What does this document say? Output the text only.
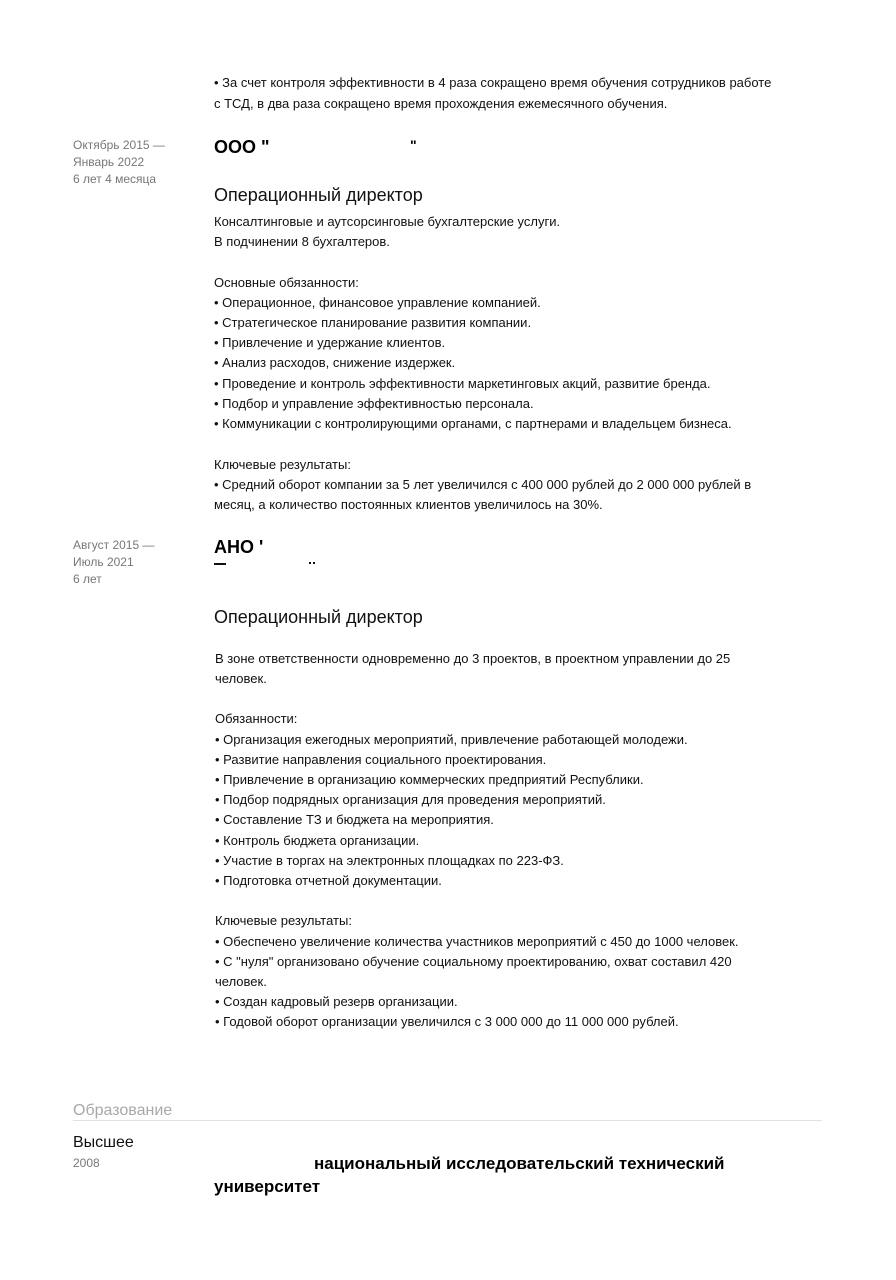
• За счет контроля эффективности в 4 раза сокращено время обучения сотрудников работе
с ТСД, в два раза сокращено время прохождения ежемесячного обучения.
Октябрь 2015 —
Январь 2022
6 лет 4 месяца
ООО "	"
Операционный директор
Консалтинговые и аутсорсинговые бухгалтерские услуги.
В подчинении 8 бухгалтеров.
Основные обязанности:
• Операционное, финансовое управление компанией.
• Стратегическое планирование развития компании.
• Привлечение и удержание клиентов.
• Анализ расходов, снижение издержек.
• Проведение и контроль эффективности маркетинговых акций, развитие бренда.
• Подбор и управление эффективностью персонала.
• Коммуникации с контролирующими органами, с партнерами и владельцем бизнеса.
Ключевые результаты:
• Средний оборот компании за 5 лет увеличился с 400 000 рублей до 2 000 000 рублей в
месяц, а количество постоянных клиентов увеличилось на 30%.
Август 2015 —
Июль 2021
6 лет
АНО '
Операционный директор
В зоне ответственности одновременно до 3 проектов, в проектном управлении до 25
человек.
Обязанности:
• Организация ежегодных мероприятий, привлечение работающей молодежи.
• Развитие направления социального проектирования.
• Привлечение в организацию коммерческих предприятий Республики.
• Подбор подрядных организация для проведения мероприятий.
• Составление ТЗ и бюджета на мероприятия.
• Контроль бюджета организации.
• Участие в торгах на электронных площадках по 223-ФЗ.
• Подготовка отчетной документации.
Ключевые результаты:
• Обеспечено увеличение количества участников мероприятий с 450 до 1000 человек.
• С "нуля" организовано обучение социальному проектированию, охват составил 420
человек.
• Создан кадровый резерв организации.
• Годовой оборот организации увеличился с 3 000 000 до 11 000 000 рублей.
Образование
Высшее
2008	национальный исследовательский технический
университет
